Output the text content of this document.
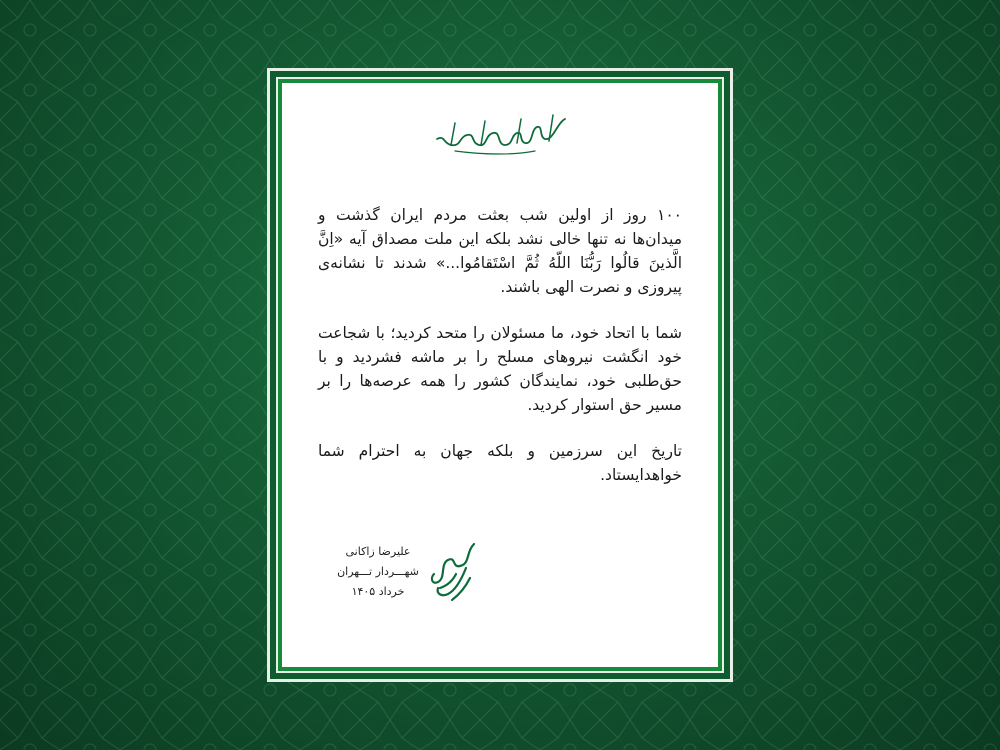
۱۰۰ روز از اولین شب بعثت مردم ایران گذشت و میدان‌ها نه تنها خالی نشد بلکه این ملت مصداق آیه «اِنَّ الَّذینَ قالُوا رَبُّنَا اللّهُ ثُمَّ اسْتَقامُوا...» شدند تا نشانه‌ی پیروزی و نصرت الهی باشند.

شما با اتحاد خود، ما مسئولان را متحد کردید؛ با شجاعت خود انگشت نیروهای مسلح را بر ماشه فشردید و با حق‌طلبی خود، نمایندگان کشور را همه عرصه‌ها را بر مسیر حق استوار کردید.

تاریخ این سرزمین و بلکه جهان به احترام شما خواهدایستاد.

علیرضا زاکانی
شهـــردار تـــهران
خرداد ۱۴۰۵
